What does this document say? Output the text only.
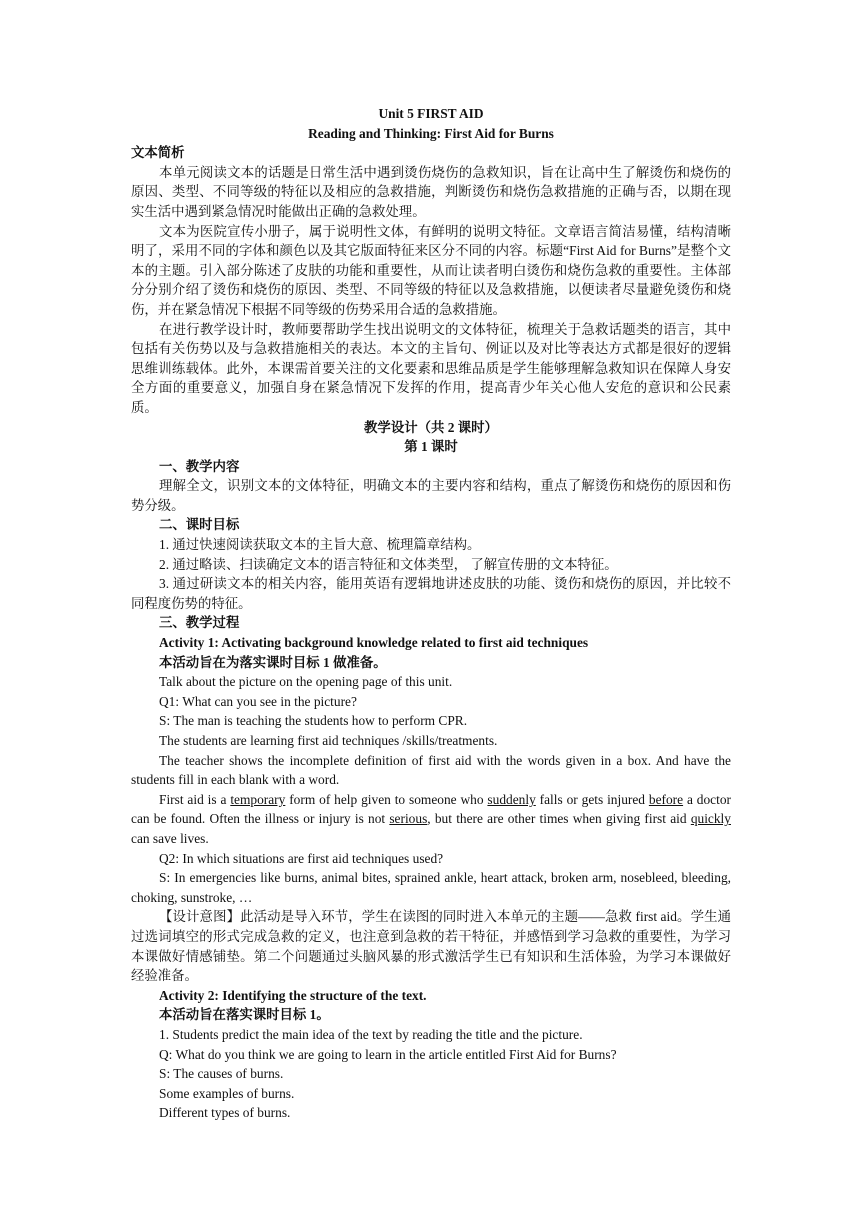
Unit 5 FIRST AID

Reading and Thinking: First Aid for Burns

文本简析

本单元阅读文本的话题是日常生活中遇到烫伤烧伤的急救知识，旨在让高中生了解烫伤和烧伤的原因、类型、不同等级的特征以及相应的急救措施，判断烫伤和烧伤急救措施的正确与否，以期在现实生活中遇到紧急情况时能做出正确的急救处理。

文本为医院宣传小册子，属于说明性文体，有鲜明的说明文特征。文章语言简洁易懂，结构清晰明了，采用不同的字体和颜色以及其它版面特征来区分不同的内容。标题“First Aid for Burns”是整个文本的主题。引入部分陈述了皮肤的功能和重要性，从而让读者明白烫伤和烧伤急救的重要性。主体部分分别介绍了烫伤和烧伤的原因、类型、不同等级的特征以及急救措施，以便读者尽量避免烫伤和烧伤，并在紧急情况下根据不同等级的伤势采用合适的急救措施。

在进行教学设计时，教师要帮助学生找出说明文的文体特征，梳理关于急救话题类的语言，其中包括有关伤势以及与急救措施相关的表达。本文的主旨句、例证以及对比等表达方式都是很好的逻辑思维训练载体。此外，本课需首要关注的文化要素和思维品质是学生能够理解急救知识在保障人身安全方面的重要意义，加强自身在紧急情况下发挥的作用，提高青少年关心他人安危的意识和公民素质。

教学设计（共 2 课时）

第 1 课时

一、教学内容

理解全文，识别文本的文体特征，明确文本的主要内容和结构，重点了解烫伤和烧伤的原因和伤势分级。

二、课时目标

1. 通过快速阅读获取文本的主旨大意、梳理篇章结构。

2. 通过略读、扫读确定文本的语言特征和文体类型， 了解宣传册的文本特征。

3. 通过研读文本的相关内容，能用英语有逻辑地讲述皮肤的功能、烫伤和烧伤的原因，并比较不同程度伤势的特征。

三、教学过程

Activity 1: Activating background knowledge related to first aid techniques

本活动旨在为落实课时目标 1 做准备。

Talk about the picture on the opening page of this unit.

Q1: What can you see in the picture?

S: The man is teaching the students how to perform CPR.

The students are learning first aid techniques /skills/treatments.

The teacher shows the incomplete definition of first aid with the words given in a box. And have the students fill in each blank with a word.

First aid is a temporary form of help given to someone who suddenly falls or gets injured before a doctor can be found. Often the illness or injury is not serious, but there are other times when giving first aid quickly can save lives.

Q2: In which situations are first aid techniques used?

S: In emergencies like burns, animal bites, sprained ankle, heart attack, broken arm, nosebleed, bleeding, choking, sunstroke, …

【设计意图】此活动是导入环节，学生在读图的同时进入本单元的主题——急救 first aid。学生通过选词填空的形式完成急救的定义，也注意到急救的若干特征，并感悟到学习急救的重要性，为学习本课做好情感铺垫。第二个问题通过头脑风暴的形式激活学生已有知识和生活体验，为学习本课做好经验准备。

Activity 2: Identifying the structure of the text.

本活动旨在落实课时目标 1。

1. Students predict the main idea of the text by reading the title and the picture.

Q: What do you think we are going to learn in the article entitled First Aid for Burns?

S: The causes of burns.

Some examples of burns.

Different types of burns.
